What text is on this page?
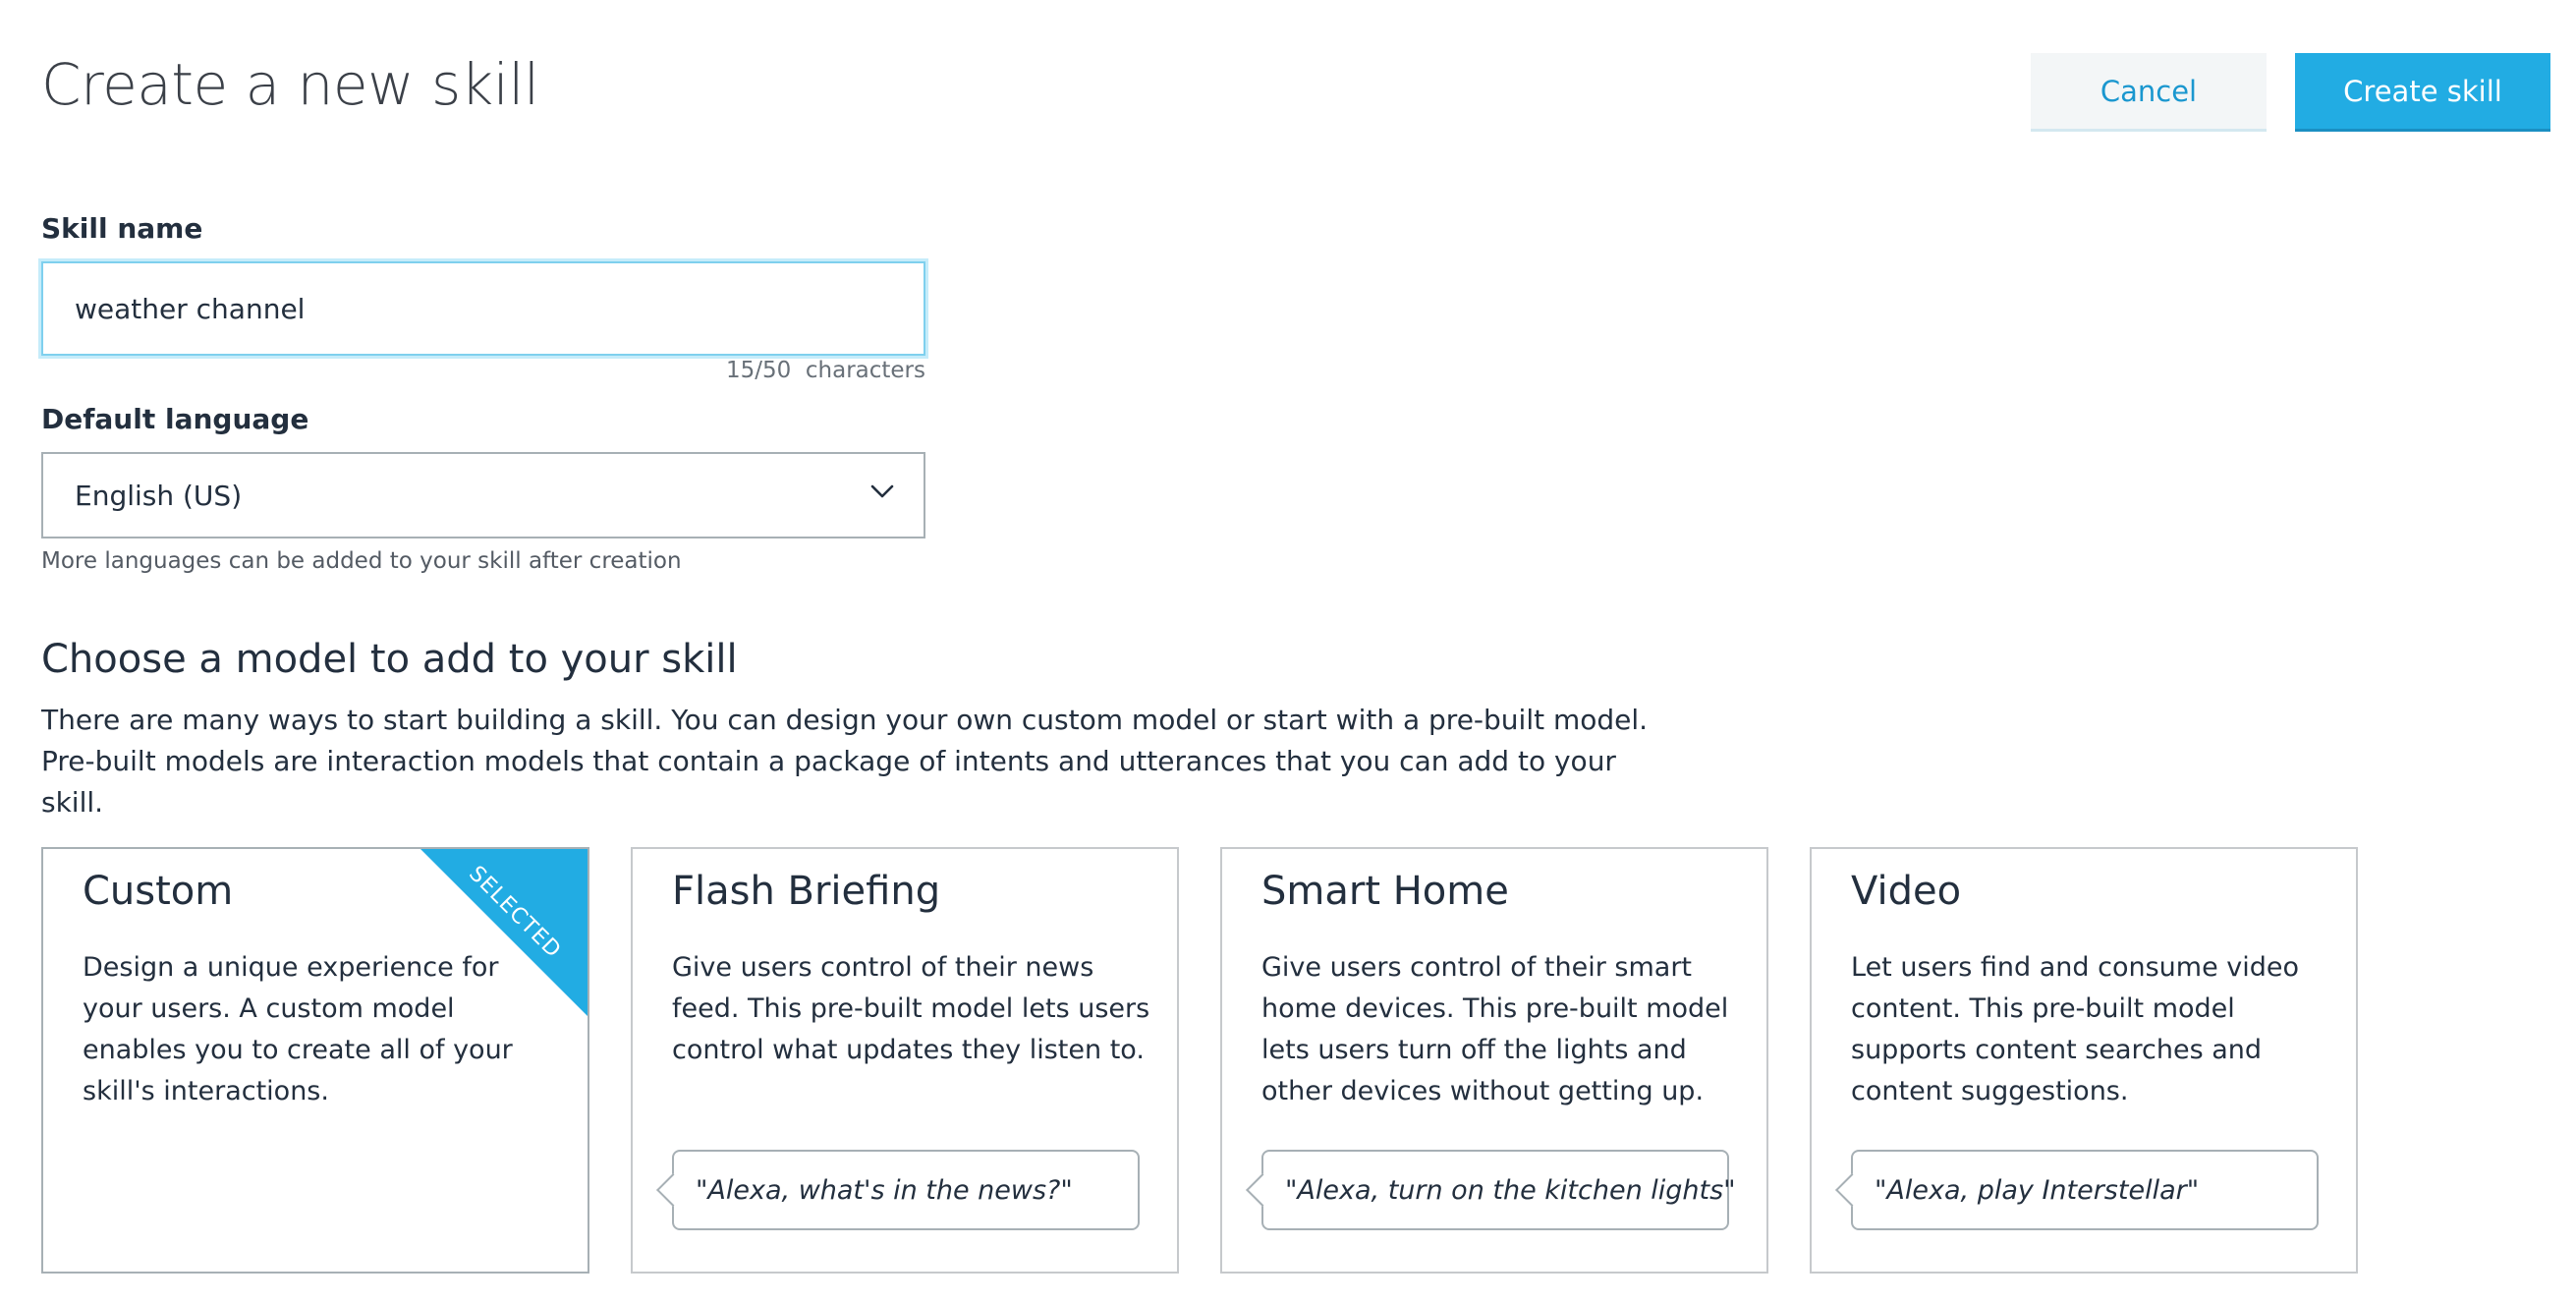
Create a new skill	Cancel	Create skill
Skill name
weather channel
15/50  characters
Default language
English (US)
More languages can be added to your skill after creation
Choose a model to add to your skill
There are many ways to start building a skill. You can design your own custom model or start with a pre-built model. Pre-built models are interaction models that contain a package of intents and utterances that you can add to your skill.
Custom
Design a unique experience for your users. A custom model enables you to create all of your skill's interactions.
SELECTED	Flash Briefing
Give users control of their news feed. This pre-built model lets users control what updates they listen to.
"Alexa, what's in the news?"
Smart Home
Give users control of their smart home devices. This pre-built model lets users turn off the lights and other devices without getting up.
"Alexa, turn on the kitchen lights"
Video
Let users find and consume video content. This pre-built model supports content searches and content suggestions.
"Alexa, play Interstellar"
